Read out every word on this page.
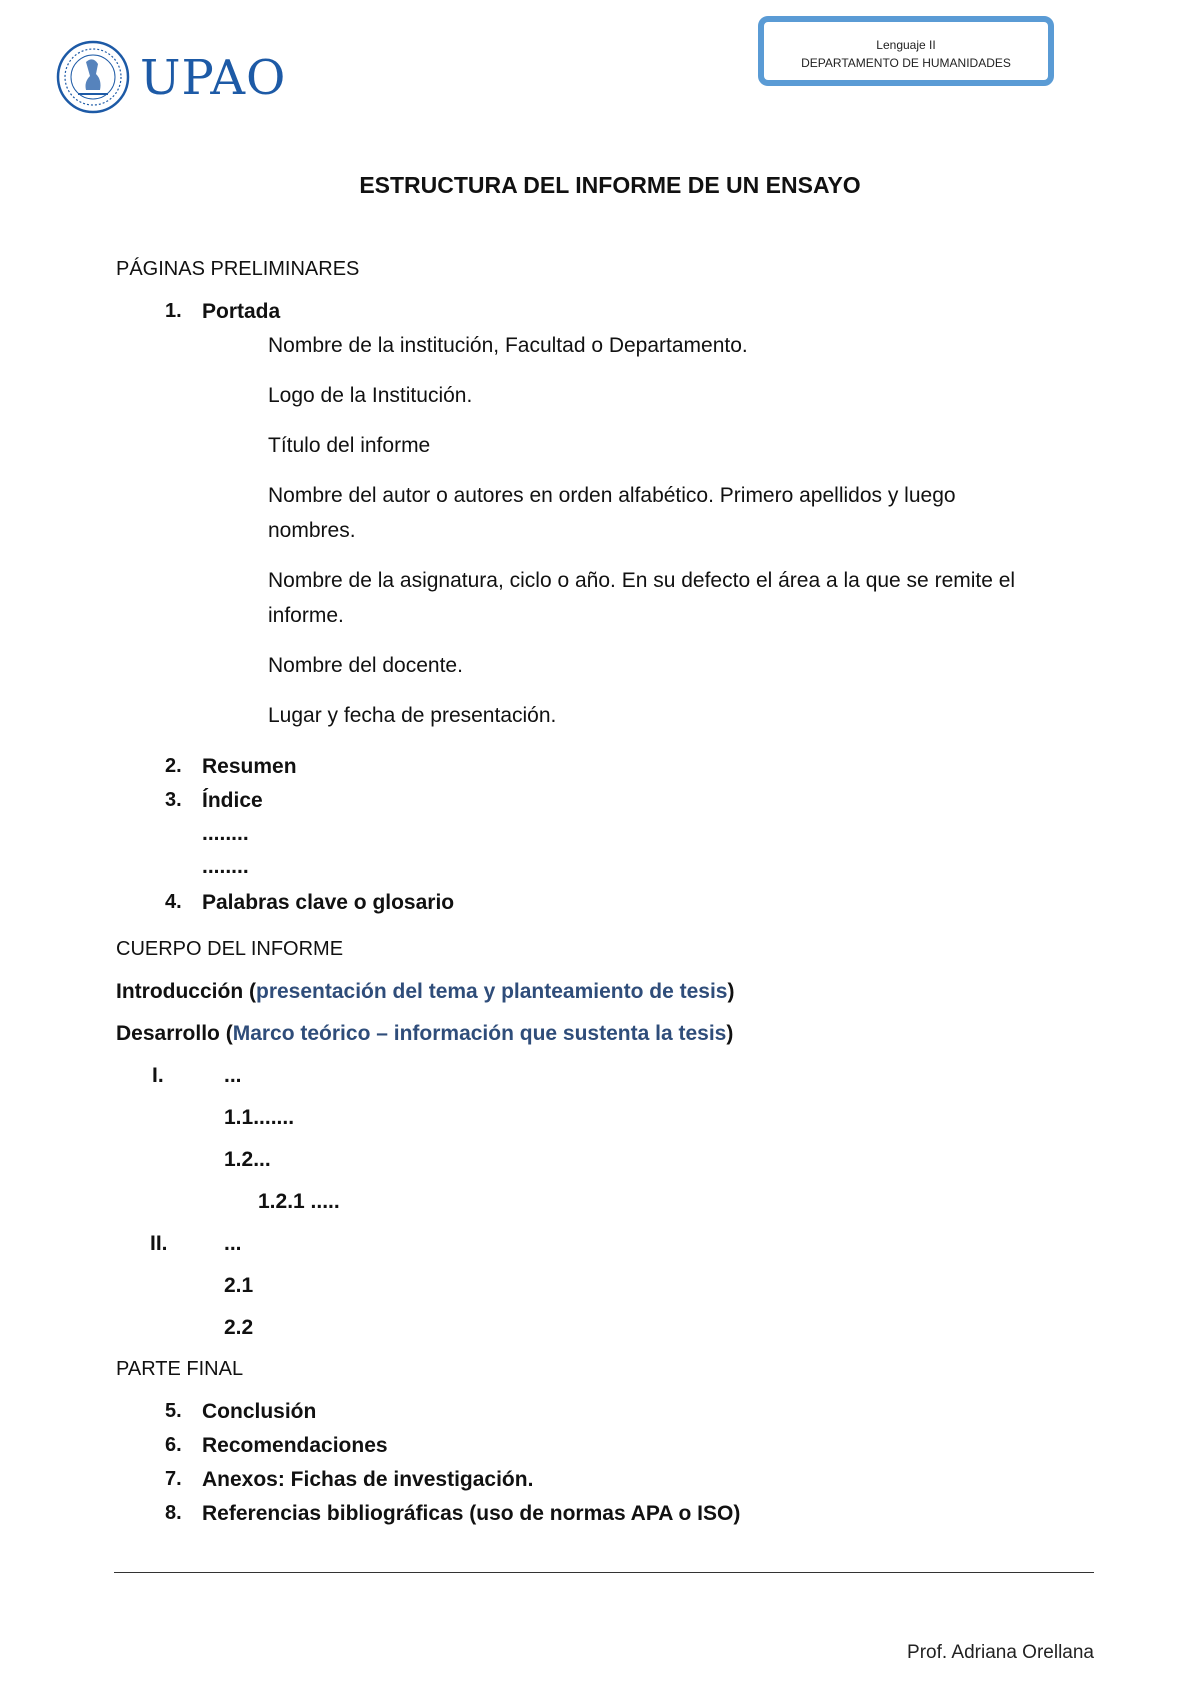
UPAO
Lenguaje II
DEPARTAMENTO DE HUMANIDADES
ESTRUCTURA DEL INFORME DE UN ENSAYO
PÁGINAS PRELIMINARES
1. Portada
Nombre de la institución, Facultad o Departamento.
Logo de la Institución.
Título del informe
Nombre del autor o autores en orden alfabético. Primero apellidos y luego
nombres.
Nombre de la asignatura, ciclo o año. En su defecto el área a la que se remite el
informe.
Nombre del docente.
Lugar y fecha de presentación.
2. Resumen
3. Índice
........
........
4. Palabras clave o glosario
CUERPO DEL INFORME
Introducción (presentación del tema y planteamiento de tesis)
Desarrollo (Marco teórico – información que sustenta la tesis)
I.	...
1.1.......
1.2...
1.2.1 .....
II.	...
2.1
2.2
PARTE FINAL
5. Conclusión
6. Recomendaciones
7. Anexos: Fichas de investigación.
8. Referencias bibliográficas (uso de normas APA o ISO)
Prof. Adriana Orellana
